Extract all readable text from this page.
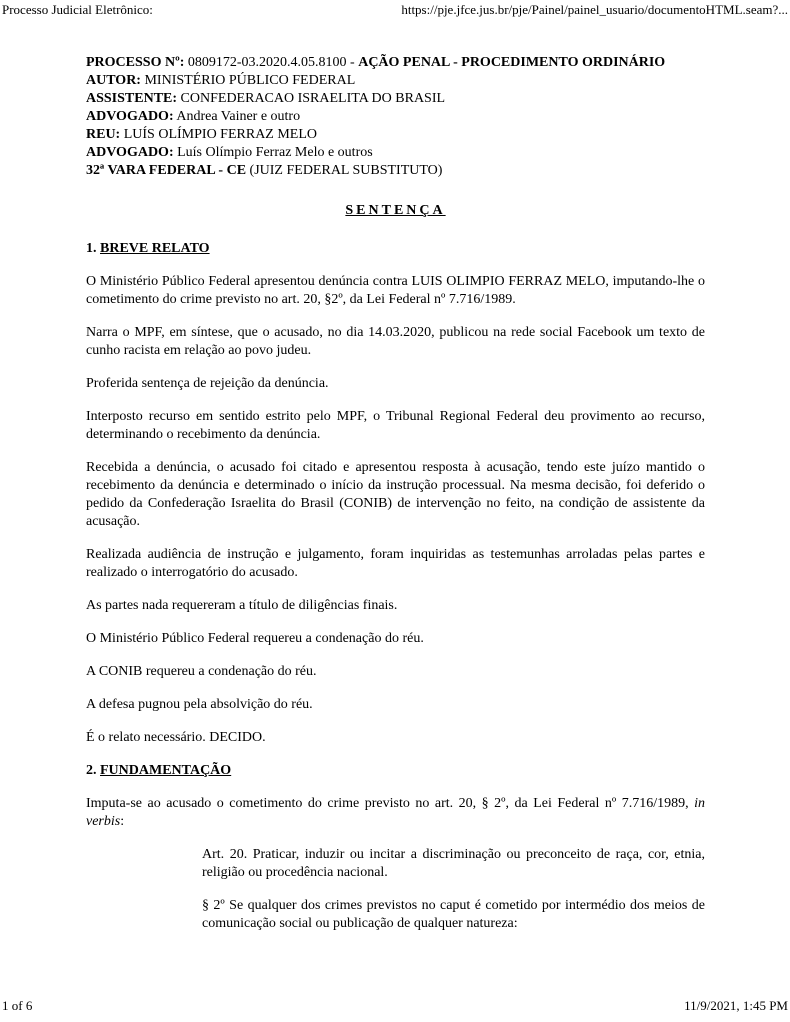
Processo Judicial Eletrônico:	https://pje.jfce.jus.br/pje/Painel/painel_usuario/documentoHTML.seam?...
PROCESSO Nº: 0809172-03.2020.4.05.8100 - AÇÃO PENAL - PROCEDIMENTO ORDINÁRIO
AUTOR: MINISTÉRIO PÚBLICO FEDERAL
ASSISTENTE: CONFEDERACAO ISRAELITA DO BRASIL
ADVOGADO: Andrea Vainer e outro
REU: LUÍS OLÍMPIO FERRAZ MELO
ADVOGADO: Luís Olímpio Ferraz Melo e outros
32ª VARA FEDERAL - CE (JUIZ FEDERAL SUBSTITUTO)
SENTENÇA
1. BREVE RELATO

O Ministério Público Federal apresentou denúncia contra LUIS OLIMPIO FERRAZ MELO, imputando-lhe o cometimento do crime previsto no art. 20, §2º, da Lei Federal nº 7.716/1989.

Narra o MPF, em síntese, que o acusado, no dia 14.03.2020, publicou na rede social Facebook um texto de cunho racista em relação ao povo judeu.

Proferida sentença de rejeição da denúncia.

Interposto recurso em sentido estrito pelo MPF, o Tribunal Regional Federal deu provimento ao recurso, determinando o recebimento da denúncia.

Recebida a denúncia, o acusado foi citado e apresentou resposta à acusação, tendo este juízo mantido o recebimento da denúncia e determinado o início da instrução processual. Na mesma decisão, foi deferido o pedido da Confederação Israelita do Brasil (CONIB) de intervenção no feito, na condição de assistente da acusação.

Realizada audiência de instrução e julgamento, foram inquiridas as testemunhas arroladas pelas partes e realizado o interrogatório do acusado.

As partes nada requereram a título de diligências finais.

O Ministério Público Federal requereu a condenação do réu.

A CONIB requereu a condenação do réu.

A defesa pugnou pela absolvição do réu.

É o relato necessário. DECIDO.

2. FUNDAMENTAÇÃO

Imputa-se ao acusado o cometimento do crime previsto no art. 20, § 2º, da Lei Federal nº 7.716/1989, in verbis:

Art. 20. Praticar, induzir ou incitar a discriminação ou preconceito de raça, cor, etnia, religião ou procedência nacional.

§ 2º Se qualquer dos crimes previstos no caput é cometido por intermédio dos meios de comunicação social ou publicação de qualquer natureza:

1 of 6	11/9/2021, 1:45 PM
